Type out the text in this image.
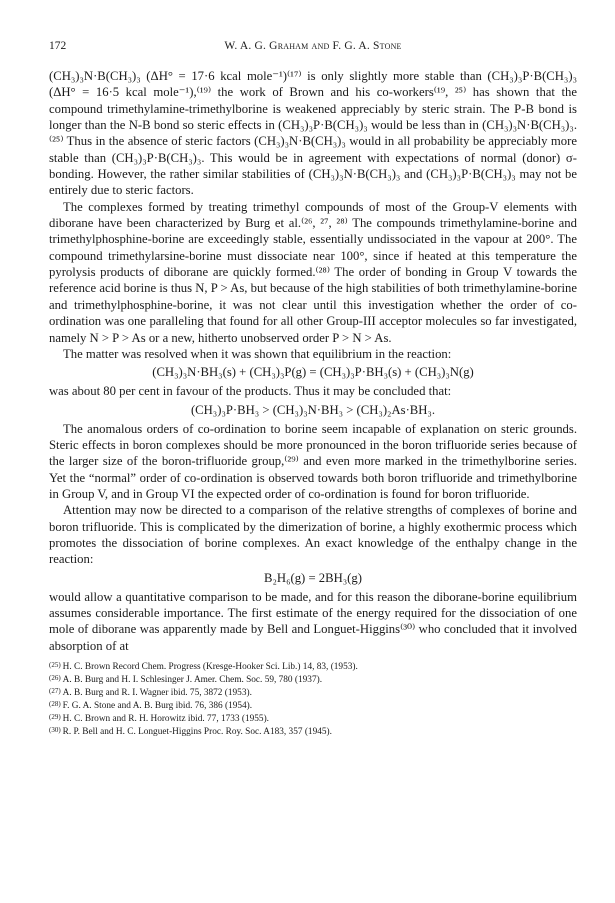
172	W. A. G. Graham and F. G. A. Stone

(CH₃)₃N·B(CH₃)₃ (ΔH° = 17·6 kcal mole⁻¹)⁽¹⁷⁾ is only slightly more stable than (CH₃)₃P·B(CH₃)₃ (ΔH° = 16·5 kcal mole⁻¹),⁽¹⁹⁾ the work of Brown and his co-workers⁽¹⁹, ²⁵⁾ has shown that the compound trimethylamine-trimethylborine is weakened appreciably by steric strain. The P-B bond is longer than the N-B bond so steric effects in (CH₃)₃P·B(CH₃)₃ would be less than in (CH₃)₃N·B(CH₃)₃.⁽²⁵⁾ Thus in the absence of steric factors (CH₃)₃N·B(CH₃)₃ would in all probability be appreciably more stable than (CH₃)₃P·B(CH₃)₃. This would be in agreement with expectations of normal (donor) σ-bonding. However, the rather similar stabilities of (CH₃)₃N·B(CH₃)₃ and (CH₃)₃P·B(CH₃)₃ may not be entirely due to steric factors.

The complexes formed by treating trimethyl compounds of most of the Group-V elements with diborane have been characterized by Burg et al.⁽²⁶, ²⁷, ²⁸⁾ The compounds trimethylamine-borine and trimethylphosphine-borine are exceedingly stable, essentially undissociated in the vapour at 200°. The compound trimethylarsine-borine must dissociate near 100°, since if heated at this temperature the pyrolysis products of diborane are quickly formed.⁽²⁸⁾ The order of bonding in Group V towards the reference acid borine is thus N, P > As, but because of the high stabilities of both trimethylamine-borine and trimethylphosphine-borine, it was not clear until this investigation whether the order of co-ordination was one paralleling that found for all other Group-III acceptor molecules so far investigated, namely N > P > As or a new, hitherto unobserved order P > N > As.

The matter was resolved when it was shown that equilibrium in the reaction:

(CH₃)₃N·BH₃(s) + (CH₃)₃P(g) = (CH₃)₃P·BH₃(s) + (CH₃)₃N(g)

was about 80 per cent in favour of the products. Thus it may be concluded that:

(CH₃)₃P·BH₃ > (CH₃)₃N·BH₃ > (CH₃)₂As·BH₃.

The anomalous orders of co-ordination to borine seem incapable of explanation on steric grounds. Steric effects in boron complexes should be more pronounced in the boron trifluoride series because of the larger size of the boron-trifluoride group,⁽²⁹⁾ and even more marked in the trimethylborine series. Yet the “normal” order of co-ordination is observed towards both boron trifluoride and trimethylborine in Group V, and in Group VI the expected order of co-ordination is found for boron trifluoride.

Attention may now be directed to a comparison of the relative strengths of complexes of borine and boron trifluoride. This is complicated by the dimerization of borine, a highly exothermic process which promotes the dissociation of borine complexes. An exact knowledge of the enthalpy change in the reaction:

B₂H₆(g) = 2BH₃(g)

would allow a quantitative comparison to be made, and for this reason the diborane-borine equilibrium assumes considerable importance. The first estimate of the energy required for the dissociation of one mole of diborane was apparently made by Bell and Longuet-Higgins⁽³⁰⁾ who concluded that it involved absorption of at

$^{(25)}$ H. C. Brown Record Chem. Progress (Kresge-Hooker Sci. Lib.) 14, 83, (1953).

$^{(26)}$ A. B. Burg and H. I. Schlesinger J. Amer. Chem. Soc. 59, 780 (1937).

$^{(27)}$ A. B. Burg and R. I. Wagner ibid. 75, 3872 (1953).

$^{(28)}$ F. G. A. Stone and A. B. Burg ibid. 76, 386 (1954).

$^{(29)}$ H. C. Brown and R. H. Horowitz ibid. 77, 1733 (1955).

$^{(30)}$ R. P. Bell and H. C. Longuet-Higgins Proc. Roy. Soc. A183, 357 (1945).
